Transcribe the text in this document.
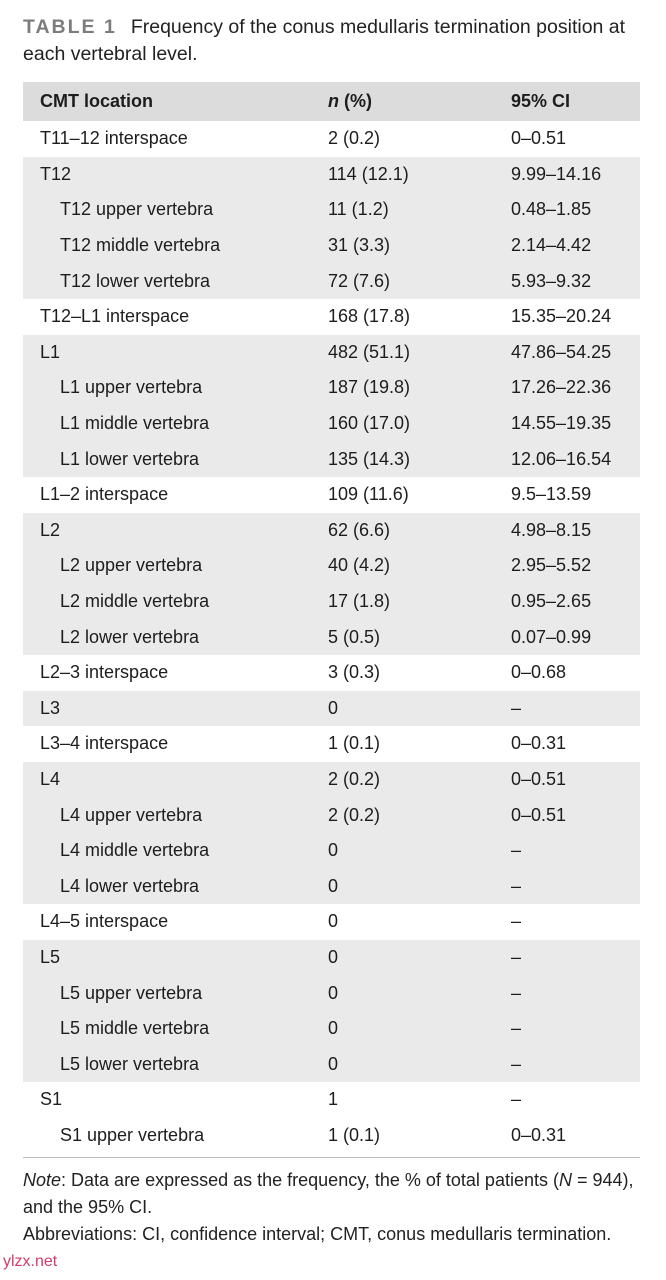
TABLE 1 Frequency of the conus medullaris termination position at each vertebral level.
CMT location	n (%)	95% CI
T11–12 interspace	2 (0.2)	0–0.51
T12	114 (12.1)	9.99–14.16
T12 upper vertebra	11 (1.2)	0.48–1.85
T12 middle vertebra	31 (3.3)	2.14–4.42
T12 lower vertebra	72 (7.6)	5.93–9.32
T12–L1 interspace	168 (17.8)	15.35–20.24
L1	482 (51.1)	47.86–54.25
L1 upper vertebra	187 (19.8)	17.26–22.36
L1 middle vertebra	160 (17.0)	14.55–19.35
L1 lower vertebra	135 (14.3)	12.06–16.54
L1–2 interspace	109 (11.6)	9.5–13.59
L2	62 (6.6)	4.98–8.15
L2 upper vertebra	40 (4.2)	2.95–5.52
L2 middle vertebra	17 (1.8)	0.95–2.65
L2 lower vertebra	5 (0.5)	0.07–0.99
L2–3 interspace	3 (0.3)	0–0.68
L3	0	–
L3–4 interspace	1 (0.1)	0–0.31
L4	2 (0.2)	0–0.51
L4 upper vertebra	2 (0.2)	0–0.51
L4 middle vertebra	0	–
L4 lower vertebra	0	–
L4–5 interspace	0	–
L5	0	–
L5 upper vertebra	0	–
L5 middle vertebra	0	–
L5 lower vertebra	0	–
S1	1	–
S1 upper vertebra	1 (0.1)	0–0.31

Note: Data are expressed as the frequency, the % of total patients (N = 944), and the 95% CI.

Abbreviations: CI, confidence interval; CMT, conus medullaris termination.

ylzx.net
